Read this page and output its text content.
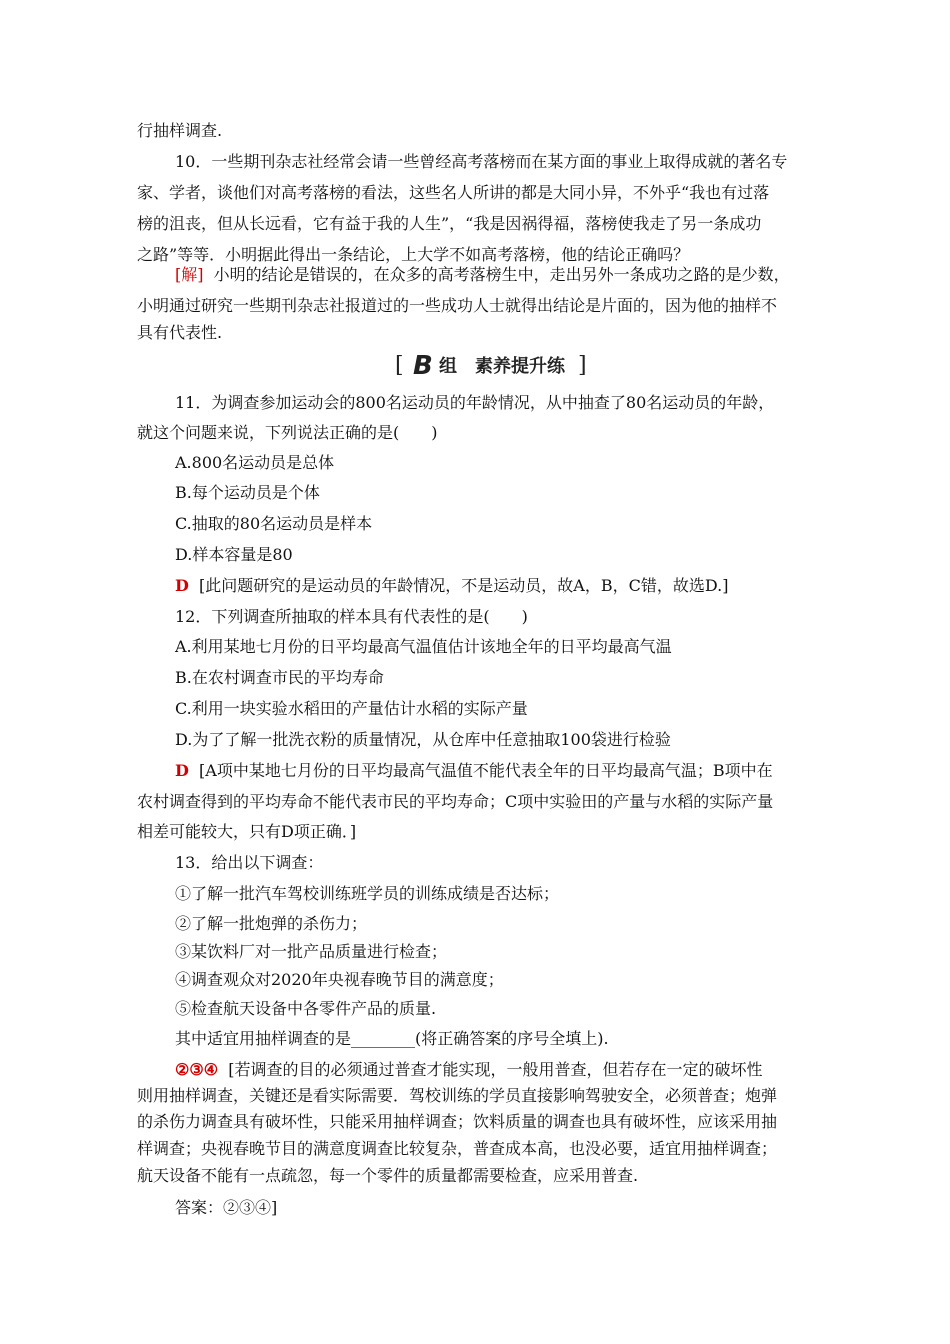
行抽样调查.
10．一些期刊杂志社经常会请一些曾经高考落榜而在某方面的事业上取得成就的著名专
家、学者，谈他们对高考落榜的看法，这些名人所讲的都是大同小异，不外乎“我也有过落
榜的沮丧，但从长远看，它有益于我的人生”，“我是因祸得福，落榜使我走了另一条成功
之路”等等．小明据此得出一条结论，上大学不如高考落榜，他的结论正确吗？
[解] 小明的结论是错误的，在众多的高考落榜生中，走出另外一条成功之路的是少数，
小明通过研究一些期刊杂志社报道过的一些成功人士就得出结论是片面的，因为他的抽样不
具有代表性.
[ B 组　素养提升练 ]
11．为调查参加运动会的800名运动员的年龄情况，从中抽查了80名运动员的年龄，
就这个问题来说，下列说法正确的是(　　)
A.800名运动员是总体
B.每个运动员是个体
C.抽取的80名运动员是样本
D.样本容量是80
D [此问题研究的是运动员的年龄情况，不是运动员，故A，B，C错，故选D.]
12．下列调查所抽取的样本具有代表性的是(　　)
A.利用某地七月份的日平均最高气温值估计该地全年的日平均最高气温
B.在农村调查市民的平均寿命
C.利用一块实验水稻田的产量估计水稻的实际产量
D.为了了解一批洗衣粉的质量情况，从仓库中任意抽取100袋进行检验
D [A项中某地七月份的日平均最高气温值不能代表全年的日平均最高气温；B项中在
农村调查得到的平均寿命不能代表市民的平均寿命；C项中实验田的产量与水稻的实际产量
相差可能较大，只有D项正确．]
13．给出以下调查：
①了解一批汽车驾校训练班学员的训练成绩是否达标；
②了解一批炮弹的杀伤力；
③某饮料厂对一批产品质量进行检查；
④调查观众对2020年央视春晚节目的满意度；
⑤检查航天设备中各零件产品的质量.
其中适宜用抽样调查的是________(将正确答案的序号全填上).
②③④ [若调查的目的必须通过普查才能实现，一般用普查，但若存在一定的破坏性
则用抽样调查，关键还是看实际需要．驾校训练的学员直接影响驾驶安全，必须普查；炮弹
的杀伤力调查具有破坏性，只能采用抽样调查；饮料质量的调查也具有破坏性，应该采用抽
样调查；央视春晚节目的满意度调查比较复杂，普查成本高，也没必要，适宜用抽样调查；
航天设备不能有一点疏忽，每一个零件的质量都需要检查，应采用普查.
答案：②③④]
